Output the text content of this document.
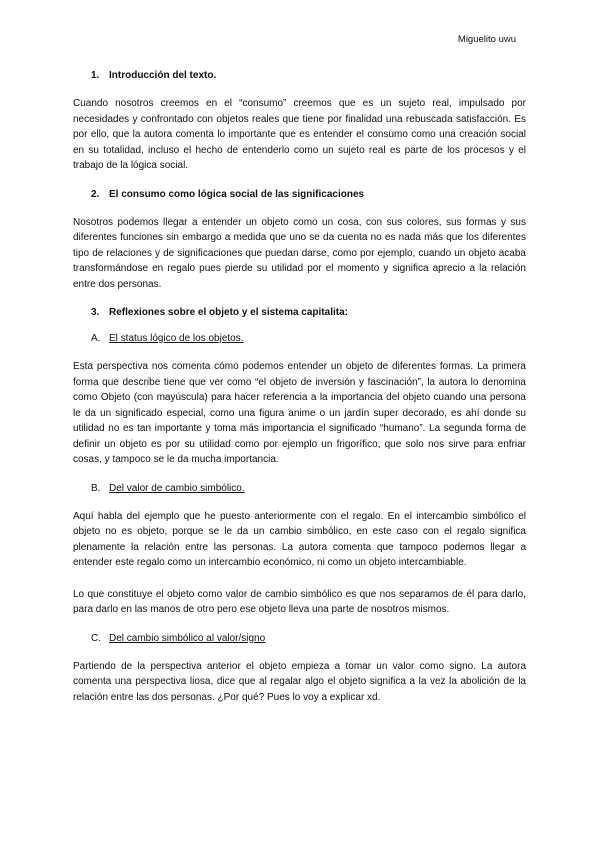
Miguelito uwu
1. Introducción del texto.

Cuando nosotros creemos en el “consumo” creemos que es un sujeto real, impulsado por necesidades y confrontado con objetos reales que tiene por finalidad una rebuscada satisfacción. Es por ello, que la autora comenta lo importante que es entender el consumo como una creación social en su totalidad, incluso el hecho de entenderlo como un sujeto real es parte de los procesos y el trabajo de la lógica social.

2. El consumo como lógica social de las significaciones

Nosotros podemos llegar a entender un objeto como un cosa, con sus colores, sus formas y sus diferentes funciones sin embargo a medida que uno se da cuenta no es nada más que los diferentes tipo de relaciones y de significaciones que puedan darse, como por ejemplo, cuando un objeto acaba transformándose en regalo pues pierde su utilidad por el momento y significa aprecio a la relación entre dos personas.

3. Reflexiones sobre el objeto y el sistema capitalita:
A. El status lógico de los objetos.

Esta perspectiva nos comenta cómo podemos entender un objeto de diferentes formas. La primera forma que describe tiene que ver como “el objeto de inversión y fascinación”, la autora lo denomina como Objeto (con mayúscula) para hacer referencia a la importancia del objeto cuando una persona le da un significado especial, como una figura anime o un jardín super decorado, es ahí donde su utilidad no es tan importante y toma más importancia el significado “humano”. La segunda forma de definir un objeto es por su utilidad como por ejemplo un frigorífico, que solo nos sirve para enfriar cosas, y tampoco se le da mucha importancia.

B. Del valor de cambio simbólico.

Aquí habla del ejemplo que he puesto anteriormente con el regalo. En el intercambio simbólico el objeto no es objeto, porque se le da un cambio simbólico, en este caso con el regalo significa plenamente la relación entre las personas. La autora comenta que tampoco podemos llegar a entender este regalo como un intercambio económico, ni como un objeto intercambiable.

Lo que constituye el objeto como valor de cambio simbólico es que nos separamos de él para darlo, para darlo en las manos de otro pero ese objeto lleva una parte de nosotros mismos.

C. Del cambio simbólico al valor/signo

Partiendo de la perspectiva anterior el objeto empieza a tomar un valor como signo. La autora comenta una perspectiva liosa, dice que al regalar algo el objeto significa a la vez la abolición de la relación entre las dos personas. ¿Por qué? Pues lo voy a explicar xd.
